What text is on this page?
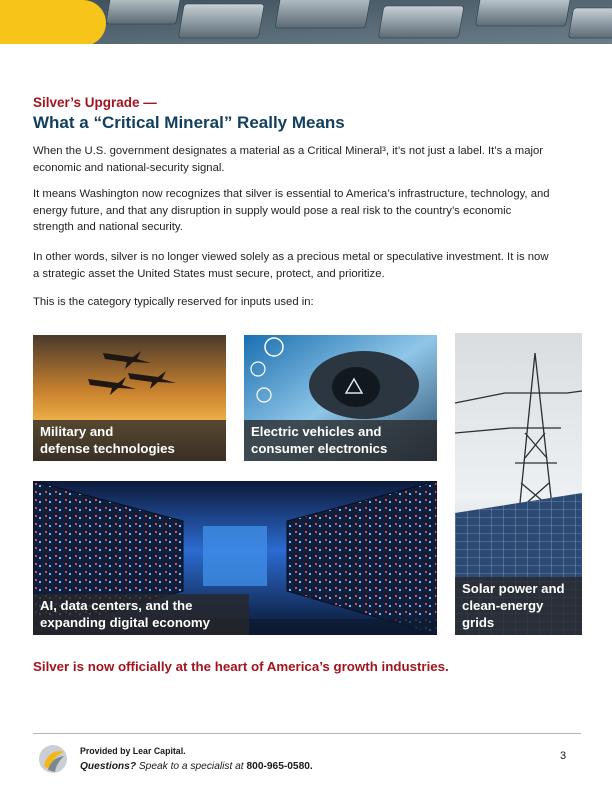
Silver’s Upgrade —
What a “Critical Mineral” Really Means

When the U.S. government designates a material as a Critical Mineral³, it’s not just a label. It’s a major economic and national-security signal.

It means Washington now recognizes that silver is essential to America’s infrastructure, technology, and energy future, and that any disruption in supply would pose a real risk to the country’s economic strength and national security.

In other words, silver is no longer viewed solely as a precious metal or speculative investment. It is now a strategic asset the United States must secure, protect, and prioritize.

This is the category typically reserved for inputs used in:

Military and
defense technologies
Electric vehicles and
consumer electronics
AI, data centers, and the
expanding digital economy
Solar power and
clean-energy
grids
Silver is now officially at the heart of America’s growth industries.
Provided by Lear Capital.
Questions? Speak to a specialist at 800-965-0580.
3
